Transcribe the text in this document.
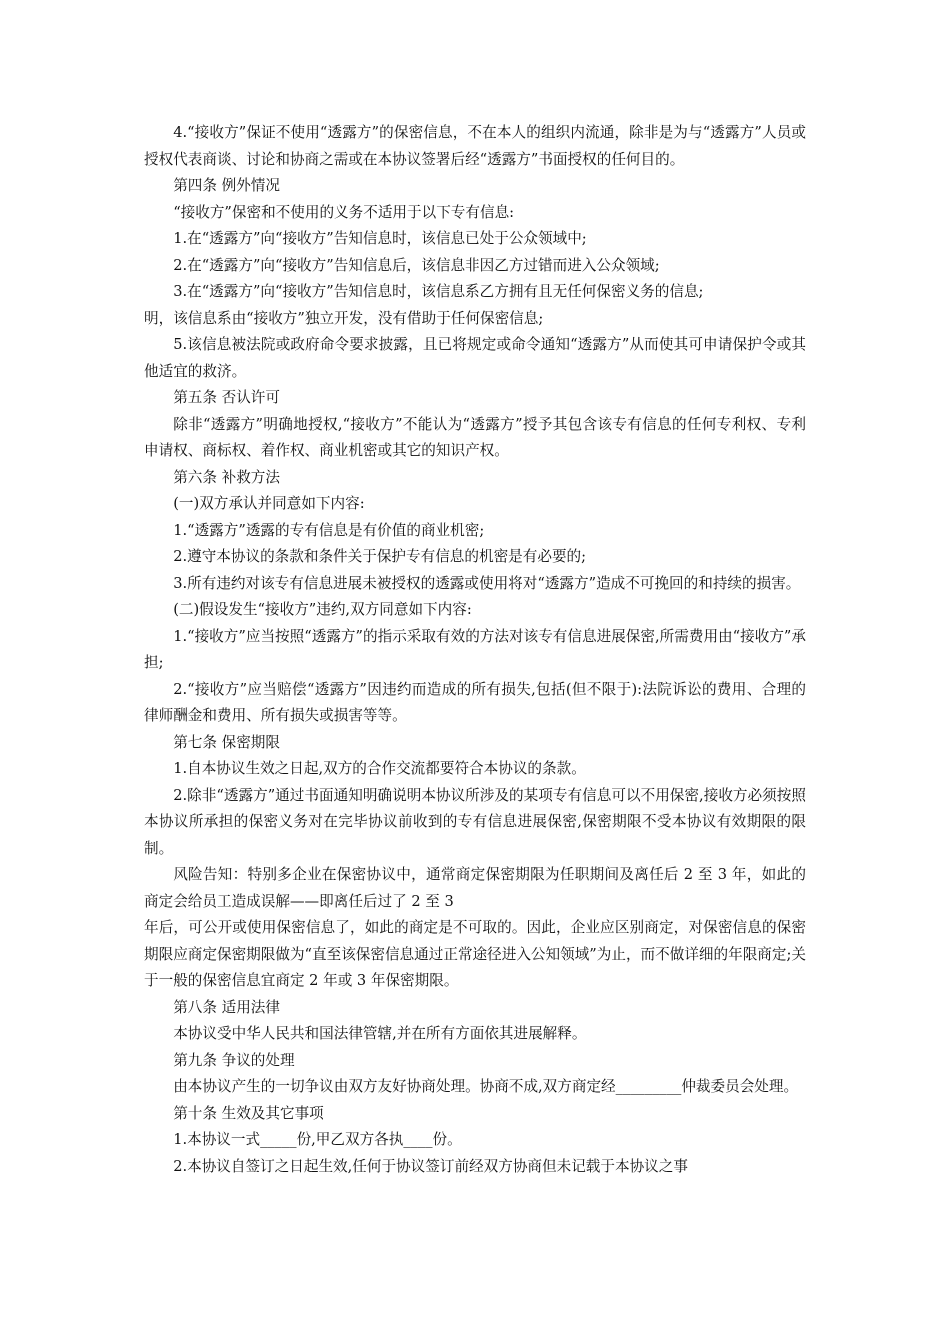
4.“接收方”保证不使用“透露方”的保密信息，不在本人的组织内流通，除非是为与“透露方”人员或授权代表商谈、讨论和协商之需或在本协议签署后经“透露方”书面授权的任何目的。

第四条 例外情况

“接收方”保密和不使用的义务不适用于以下专有信息:

1.在“透露方”向“接收方”告知信息时，该信息已处于公众领域中;

2.在“透露方”向“接收方”告知信息后，该信息非因乙方过错而进入公众领域;

3.在“透露方”向“接收方”告知信息时，该信息系乙方拥有且无任何保密义务的信息;

明，该信息系由“接收方”独立开发，没有借助于任何保密信息;

5.该信息被法院或政府命令要求披露，且已将规定或命令通知“透露方”从而使其可申请保护令或其他适宜的救济。

第五条 否认许可

除非“透露方”明确地授权,“接收方”不能认为“透露方”授予其包含该专有信息的任何专利权、专利申请权、商标权、着作权、商业机密或其它的知识产权。

第六条 补救方法

(一)双方承认并同意如下内容:

1.“透露方”透露的专有信息是有价值的商业机密;

2.遵守本协议的条款和条件关于保护专有信息的机密是有必要的;

3.所有违约对该专有信息进展未被授权的透露或使用将对“透露方”造成不可挽回的和持续的损害。

(二)假设发生“接收方”违约,双方同意如下内容:

1.“接收方”应当按照“透露方”的指示采取有效的方法对该专有信息进展保密,所需费用由“接收方”承担;

2.“接收方”应当赔偿“透露方”因违约而造成的所有损失,包括(但不限于):法院诉讼的费用、合理的律师酬金和费用、所有损失或损害等等。

第七条 保密期限

1.自本协议生效之日起,双方的合作交流都要符合本协议的条款。

2.除非“透露方”通过书面通知明确说明本协议所涉及的某项专有信息可以不用保密,接收方必须按照本协议所承担的保密义务对在完毕协议前收到的专有信息进展保密,保密期限不受本协议有效期限的限制。

风险告知：特别多企业在保密协议中，通常商定保密期限为任职期间及离任后 2 至 3 年，如此的商定会给员工造成误解——即离任后过了 2 至 3

年后，可公开或使用保密信息了，如此的商定是不可取的。因此，企业应区别商定，对保密信息的保密期限应商定保密期限做为“直至该保密信息通过正常途径进入公知领域”为止，而不做详细的年限商定;关于一般的保密信息宜商定 2 年或 3 年保密期限。

第八条 适用法律

本协议受中华人民共和国法律管辖,并在所有方面依其进展解释。

第九条 争议的处理

由本协议产生的一切争议由双方友好协商处理。协商不成,双方商定经_________仲裁委员会处理。

第十条 生效及其它事项

1.本协议一式_____份,甲乙双方各执____份。

2.本协议自签订之日起生效,任何于协议签订前经双方协商但未记载于本协议之事
